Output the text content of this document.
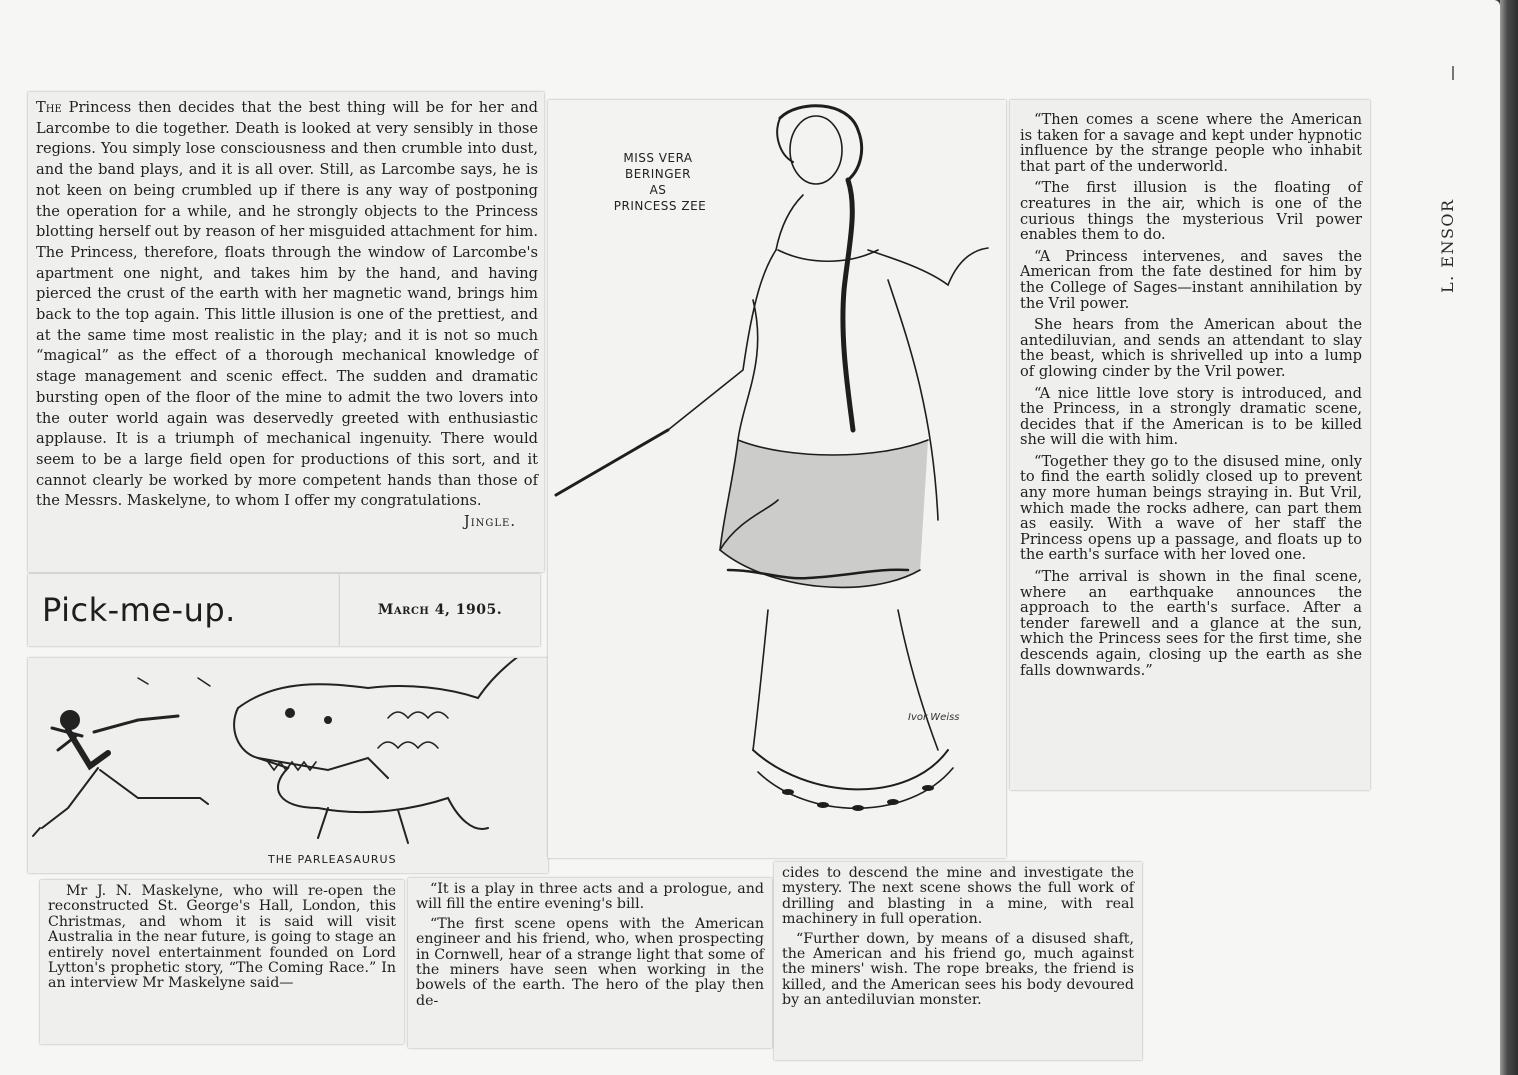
The Princess then decides that the best thing will be for her and Larcombe to die together. Death is looked at very sensibly in those regions. You simply lose consciousness and then crumble into dust, and the band plays, and it is all over. Still, as Larcombe says, he is not keen on being crumbled up if there is any way of postponing the operation for a while, and he strongly objects to the Princess blotting herself out by reason of her misguided attachment for him. The Princess, therefore, floats through the window of Larcombe's apartment one night, and takes him by the hand, and having pierced the crust of the earth with her magnetic wand, brings him back to the top again. This little illusion is one of the prettiest, and at the same time most realistic in the play; and it is not so much “magical” as the effect of a thorough mechanical knowledge of stage management and scenic effect. The sudden and dramatic bursting open of the floor of the mine to admit the two lovers into the outer world again was deservedly greeted with enthusiastic applause. It is a triumph of mechanical ingenuity. There would seem to be a large field open for productions of this sort, and it cannot clearly be worked by more competent hands than those of the Messrs. Maskelyne, to whom I offer my congratulations.

Jingle.

Pick-me-up.	March 4, 1905.
THE PARLEASAURUS
MISS VERA
BERINGER
AS
PRINCESS ZEE
Ivor Weiss

“Then comes a scene where the American is taken for a savage and kept under hypnotic influence by the strange people who inhabit that part of the underworld.

“The first illusion is the floating of creatures in the air, which is one of the curious things the mysterious Vril power enables them to do.

“A Princess intervenes, and saves the American from the fate destined for him by the College of Sages—instant annihilation by the Vril power.

She hears from the American about the antediluvian, and sends an attendant to slay the beast, which is shrivelled up into a lump of glowing cinder by the Vril power.

“A nice little love story is introduced, and the Princess, in a strongly dramatic scene, decides that if the American is to be killed she will die with him.

“Together they go to the disused mine, only to find the earth solidly closed up to prevent any more human beings straying in. But Vril, which made the rocks adhere, can part them as easily. With a wave of her staff the Princess opens up a passage, and floats up to the earth's surface with her loved one.

“The arrival is shown in the final scene, where an earthquake announces the approach to the earth's surface. After a tender farewell and a glance at the sun, which the Princess sees for the first time, she descends again, closing up the earth as she falls downwards.”

L. ENSOR

Mr J. N. Maskelyne, who will re-open the reconstructed St. George's Hall, London, this Christmas, and whom it is said will visit Australia in the near future, is going to stage an entirely novel entertainment founded on Lord Lytton's prophetic story, “The Coming Race.” In an interview Mr Maskelyne said—

“It is a play in three acts and a prologue, and will fill the entire evening's bill.

“The first scene opens with the American engineer and his friend, who, when prospecting in Cornwell, hear of a strange light that some of the miners have seen when working in the bowels of the earth. The hero of the play then de-

cides to descend the mine and investigate the mystery. The next scene shows the full work of drilling and blasting in a mine, with real machinery in full operation.

“Further down, by means of a disused shaft, the American and his friend go, much against the miners' wish. The rope breaks, the friend is killed, and the American sees his body devoured by an antediluvian monster.
